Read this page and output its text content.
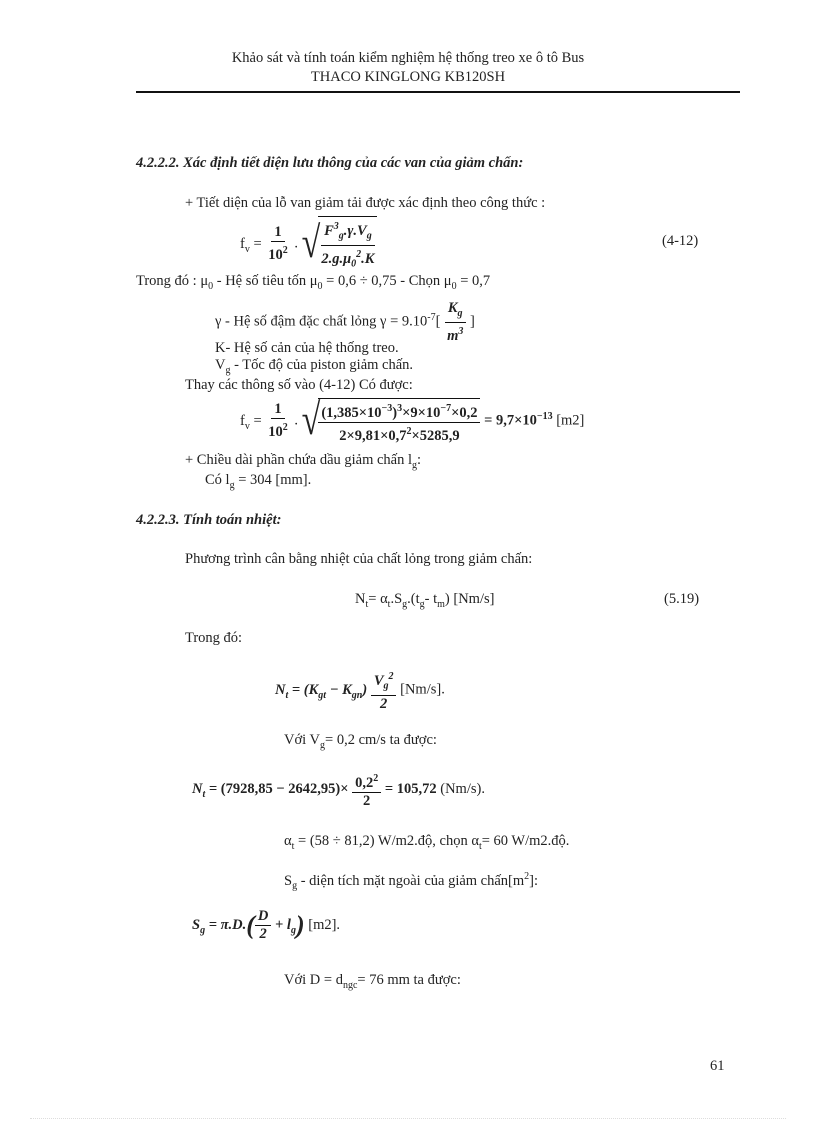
Khảo sát và tính toán kiểm nghiệm hệ thống treo xe ô tô Bus
THACO KINGLONG KB120SH
4.2.2.2. Xác định tiết diện lưu thông của các van của giảm chấn:
+ Tiết diện của lỗ van giảm tải được xác định theo công thức :
$f_v = \frac{1}{10^2}$ . √
$\frac{F^3_g.\gamma.V_g}{2.g.\mu_0^2.K}$	(4-12)
Trong đó : $\mu_0$ - Hệ số tiêu tốn $\mu_0 = 0,6 \div 0,75$ - Chọn $\mu_0 = 0,7$
γ - Hệ số đậm đặc chất lỏng $\gamma = 9.10^{-7}[ \frac{K_g}{m^3}$ ]
K- Hệ số cản của hệ thống treo.
$V_g$ - Tốc độ của piston giảm chấn.
Thay các thông số vào (4-12) Có được:
$f_v = \frac{1}{10^2}$ . √
$\frac{(1,385\times 10^{-3})^3\times 9\times 10^{-7}\times 0,2}{2\times 9,81\times 0,7^2\times 5285,9} = 9,7\times 10^{-13}$ [m2]
+ Chiều dài phần chứa dầu giảm chấn $l_g$:
Có $l_g = 304$ [mm].
4.2.2.3. Tính toán nhiệt:
Phương trình cân bằng nhiệt của chất lỏng trong giảm chấn:
$N_t= \alpha_t.S_g.(t_g-$ $t_m$) [Nm/s]	(5.19)
Trong đó:
$N_t = (K_{gt} - K_{gn}) \frac{V_g^2}{2} [Nm/s]$.
Với $V_g= 0,2$ cm/s ta được:
$N_t = (7928,85 - 2642,95)\times \frac{0,2^2}{2} = 105,72$ (Nm/s).
$\alpha_t = (58 \div 81,2)$ W/m2.độ, chọn $\alpha_t= 60$ W/m2.độ.
$S_g$ - diện tích mặt ngoài của giảm $chấn[m^2]$:
$S_g = \pi.D.( \frac{D}{2} + l_g)$ [m2].
Với $D = d_{ngc}= 76$ mm ta được:
61
